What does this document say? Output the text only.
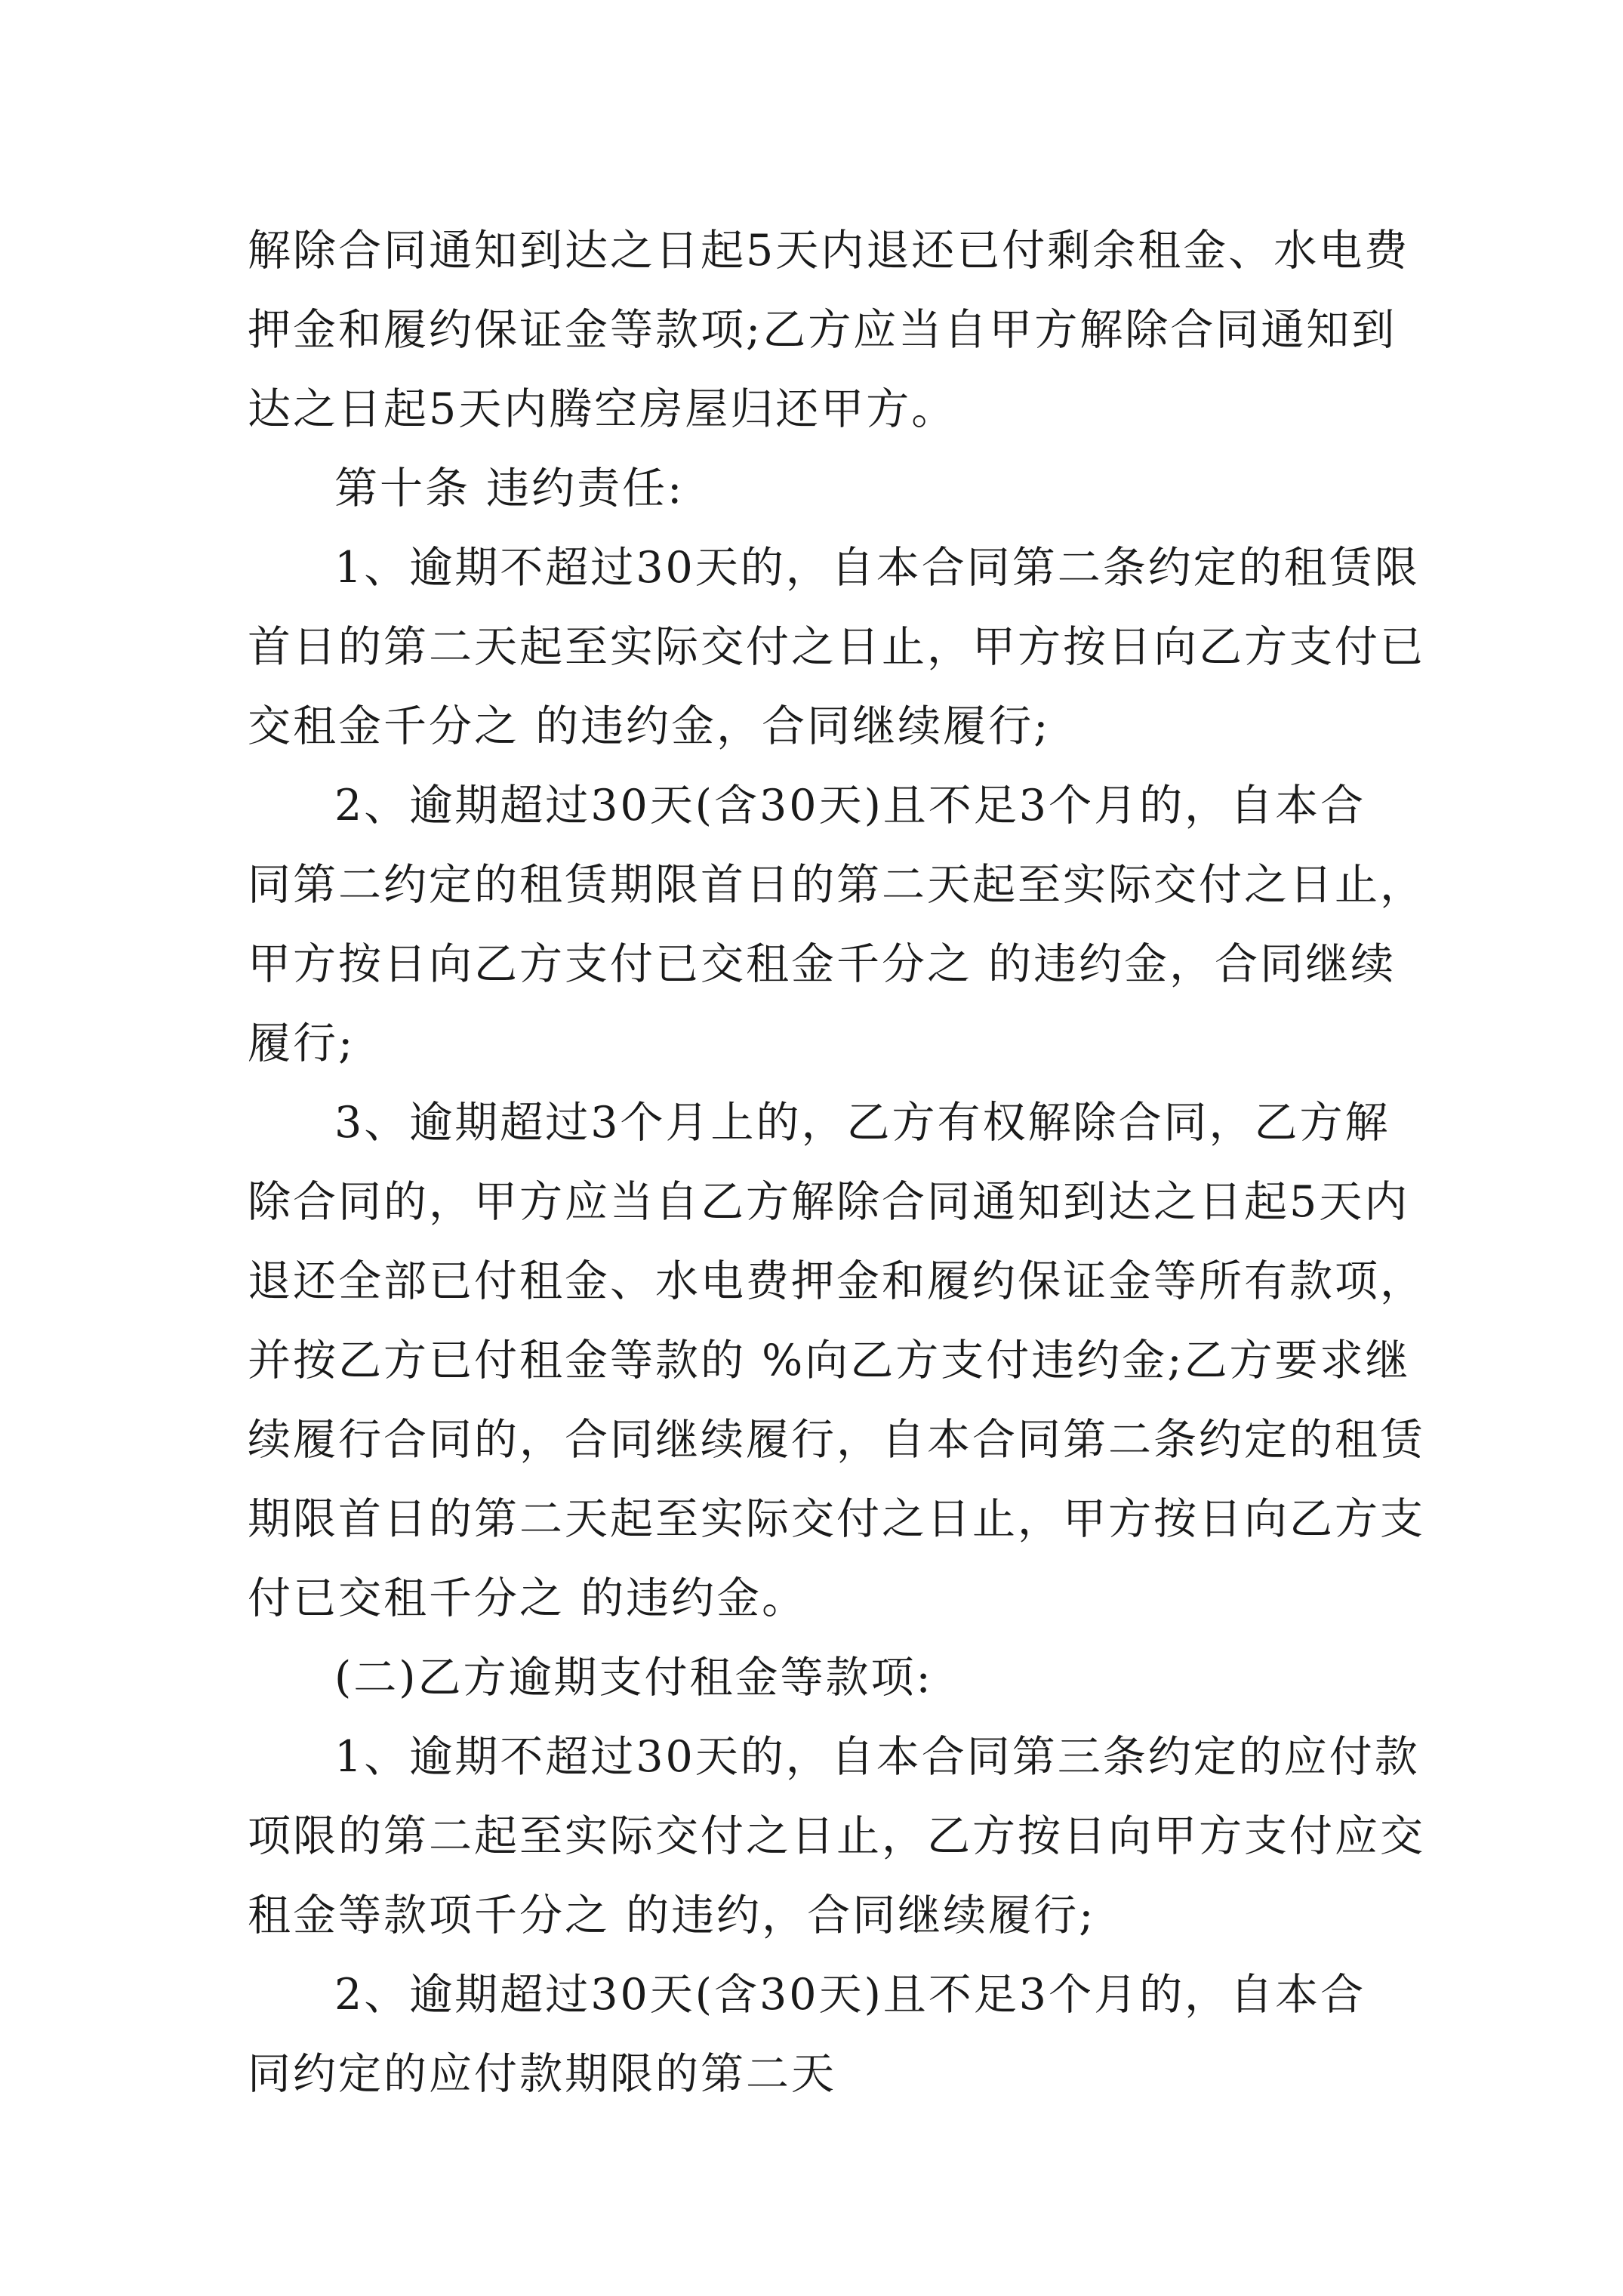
解除合同通知到达之日起5天内退还已付剩余租金、水电费
押金和履约保证金等款项;乙方应当自甲方解除合同通知到
达之日起5天内腾空房屋归还甲方。
第十条 违约责任:
1、逾期不超过30天的，自本合同第二条约定的租赁限
首日的第二天起至实际交付之日止，甲方按日向乙方支付已
交租金千分之 的违约金，合同继续履行;
2、逾期超过30天(含30天)且不足3个月的，自本合
同第二约定的租赁期限首日的第二天起至实际交付之日止，
甲方按日向乙方支付已交租金千分之 的违约金，合同继续
履行;
3、逾期超过3个月上的，乙方有权解除合同，乙方解
除合同的，甲方应当自乙方解除合同通知到达之日起5天内
退还全部已付租金、水电费押金和履约保证金等所有款项，
并按乙方已付租金等款的 %向乙方支付违约金;乙方要求继
续履行合同的，合同继续履行，自本合同第二条约定的租赁
期限首日的第二天起至实际交付之日止，甲方按日向乙方支
付已交租千分之 的违约金。
(二)乙方逾期支付租金等款项:
1、逾期不超过30天的，自本合同第三条约定的应付款
项限的第二起至实际交付之日止，乙方按日向甲方支付应交
租金等款项千分之 的违约，合同继续履行;
2、逾期超过30天(含30天)且不足3个月的，自本合
同约定的应付款期限的第二天
